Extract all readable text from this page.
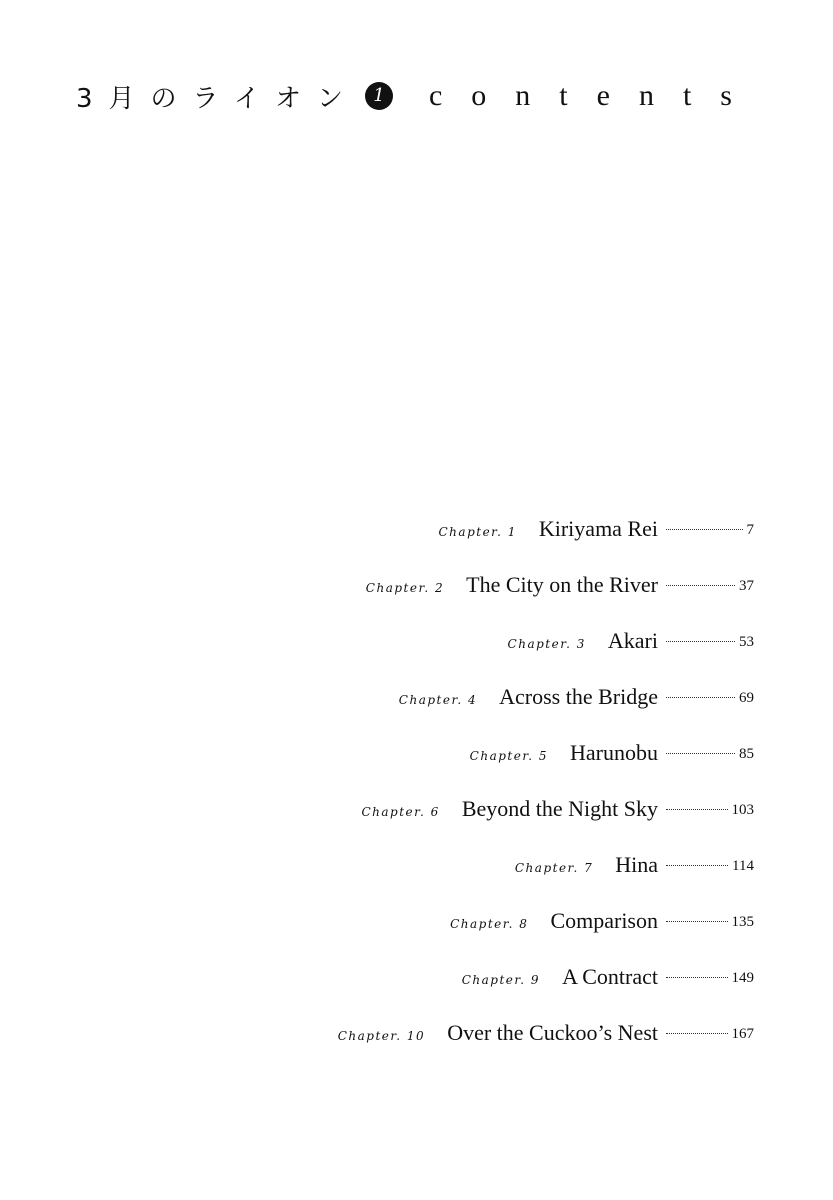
3月のライオン 1 contents
Chapter. 1 Kiriyama Rei	7
Chapter. 2 The City on the River	37
Chapter. 3 Akari	53
Chapter. 4 Across the Bridge	69
Chapter. 5 Harunobu	85
Chapter. 6 Beyond the Night Sky	103
Chapter. 7 Hina	114
Chapter. 8 Comparison	135
Chapter. 9 A Contract	149
Chapter. 10 Over the Cuckoo’s Nest	167
